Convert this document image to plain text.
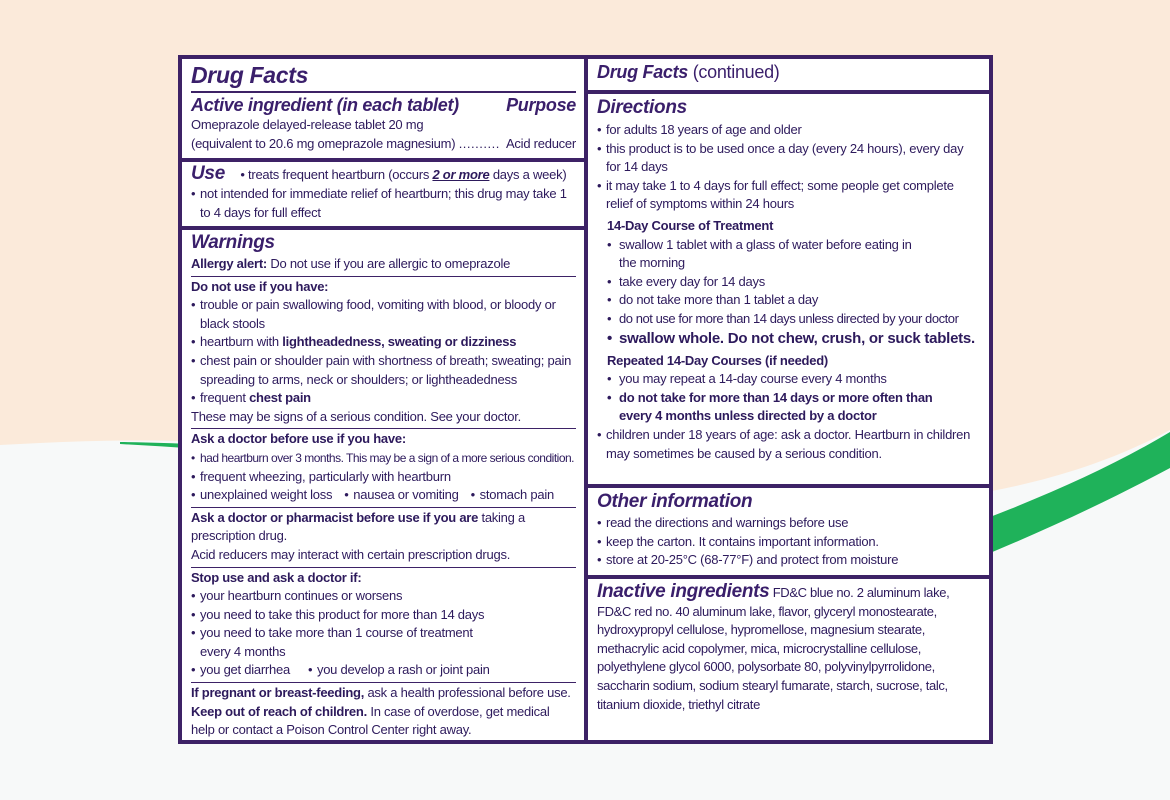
Drug Facts
Active ingredient (in each tablet)	Purpose
Omeprazole delayed-release tablet 20 mg
(equivalent to 20.6 mg omeprazole magnesium) .......... Acid reducer
Use • treats frequent heartburn (occurs 2 or more days a week)
• not intended for immediate relief of heartburn; this drug may take 1 to 4 days for full effect
Warnings
Allergy alert: Do not use if you are allergic to omeprazole
Do not use if you have:
• trouble or pain swallowing food, vomiting with blood, or bloody or black stools
• heartburn with lightheadedness, sweating or dizziness
• chest pain or shoulder pain with shortness of breath; sweating; pain spreading to arms, neck or shoulders; or lightheadedness
• frequent chest pain
These may be signs of a serious condition. See your doctor.
Ask a doctor before use if you have:
• had heartburn over 3 months. This may be a sign of a more serious condition.
• frequent wheezing, particularly with heartburn
• unexplained weight loss	• nausea or vomiting	• stomach pain
Ask a doctor or pharmacist before use if you are taking a prescription drug.
Acid reducers may interact with certain prescription drugs.
Stop use and ask a doctor if:
• your heartburn continues or worsens
• you need to take this product for more than 14 days
• you need to take more than 1 course of treatment every 4 months
• you get diarrhea	• you develop a rash or joint pain
If pregnant or breast-feeding, ask a health professional before use.
Keep out of reach of children. In case of overdose, get medical help or contact a Poison Control Center right away.
Drug Facts (continued)
Directions
• for adults 18 years of age and older
• this product is to be used once a day (every 24 hours), every day for 14 days
• it may take 1 to 4 days for full effect; some people get complete relief of symptoms within 24 hours
14-Day Course of Treatment
• swallow 1 tablet with a glass of water before eating in the morning
• take every day for 14 days
• do not take more than 1 tablet a day
• do not use for more than 14 days unless directed by your doctor
• swallow whole. Do not chew, crush, or suck tablets.
Repeated 14-Day Courses (if needed)
• you may repeat a 14-day course every 4 months
• do not take for more than 14 days or more often than every 4 months unless directed by a doctor
• children under 18 years of age: ask a doctor. Heartburn in children may sometimes be caused by a serious condition.
Other information
• read the directions and warnings before use
• keep the carton. It contains important information.
• store at 20-25°C (68-77°F) and protect from moisture
Inactive ingredients FD&C blue no. 2 aluminum lake, FD&C red no. 40 aluminum lake, flavor, glyceryl monostearate, hydroxypropyl cellulose, hypromellose, magnesium stearate, methacrylic acid copolymer, mica, microcrystalline cellulose, polyethylene glycol 6000, polysorbate 80, polyvinylpyrrolidone, saccharin sodium, sodium stearyl fumarate, starch, sucrose, talc, titanium dioxide, triethyl citrate
